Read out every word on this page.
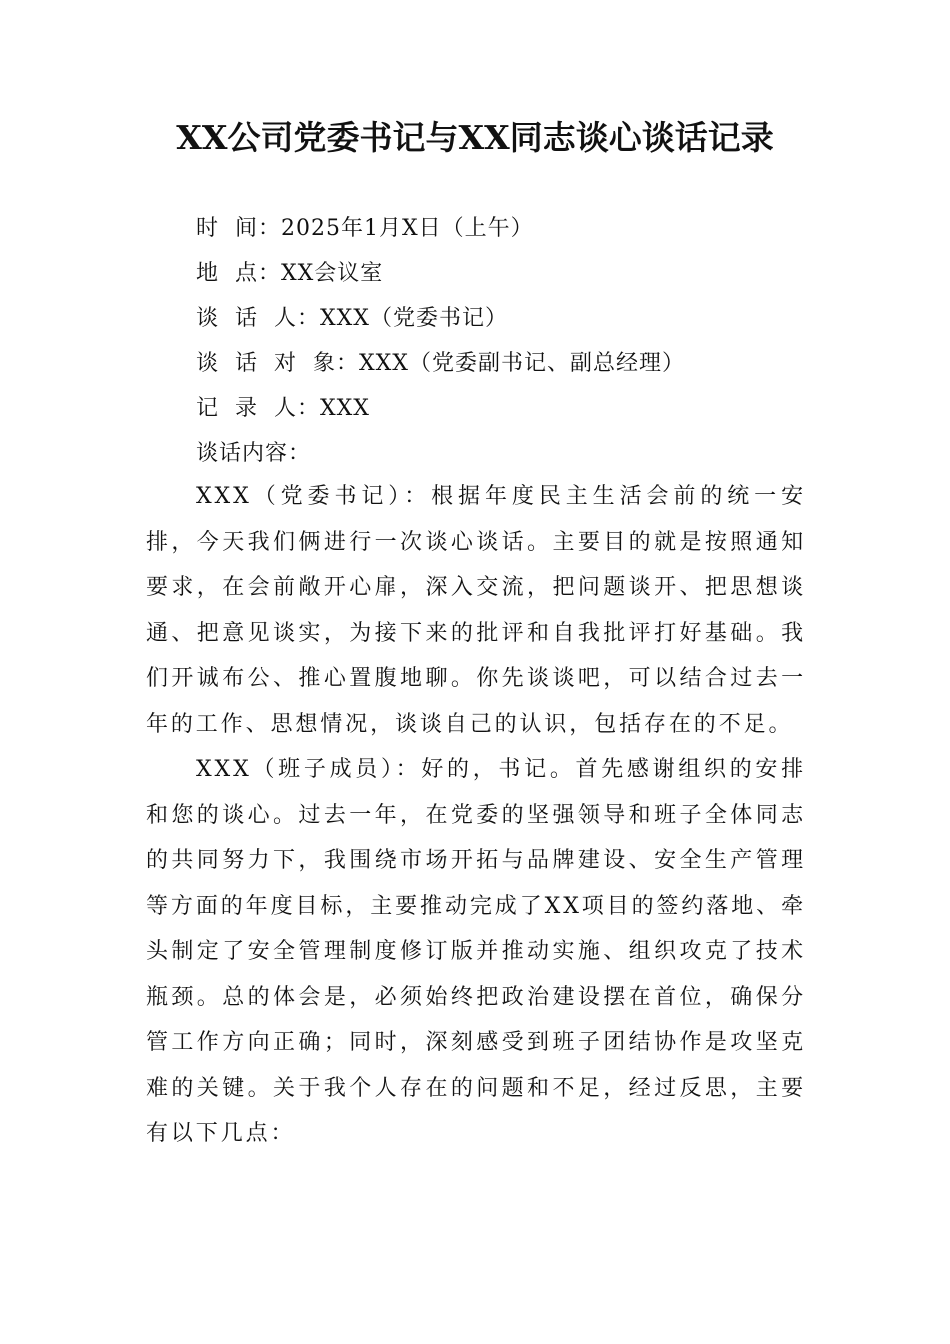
XX公司党委书记与XX同志谈心谈话记录
时  间：2025年1月X日（上午）
地  点：XX会议室
谈  话  人：XXX（党委书记）
谈  话  对  象：XXX（党委副书记、副总经理）
记  录  人：XXX
谈话内容：

XXX（党委书记）：根据年度民主生活会前的统一安排，今天我们俩进行一次谈心谈话。主要目的就是按照通知要求，在会前敞开心扉，深入交流，把问题谈开、把思想谈通、把意见谈实，为接下来的批评和自我批评打好基础。我们开诚布公、推心置腹地聊。你先谈谈吧，可以结合过去一年的工作、思想情况，谈谈自己的认识，包括存在的不足。

XXX（班子成员）：好的，书记。首先感谢组织的安排和您的谈心。过去一年，在党委的坚强领导和班子全体同志的共同努力下，我围绕市场开拓与品牌建设、安全生产管理等方面的年度目标，主要推动完成了XX项目的签约落地、牵头制定了安全管理制度修订版并推动实施、组织攻克了技术瓶颈。总的体会是，必须始终把政治建设摆在首位，确保分管工作方向正确；同时，深刻感受到班子团结协作是攻坚克难的关键。关于我个人存在的问题和不足，经过反思，主要有以下几点：
